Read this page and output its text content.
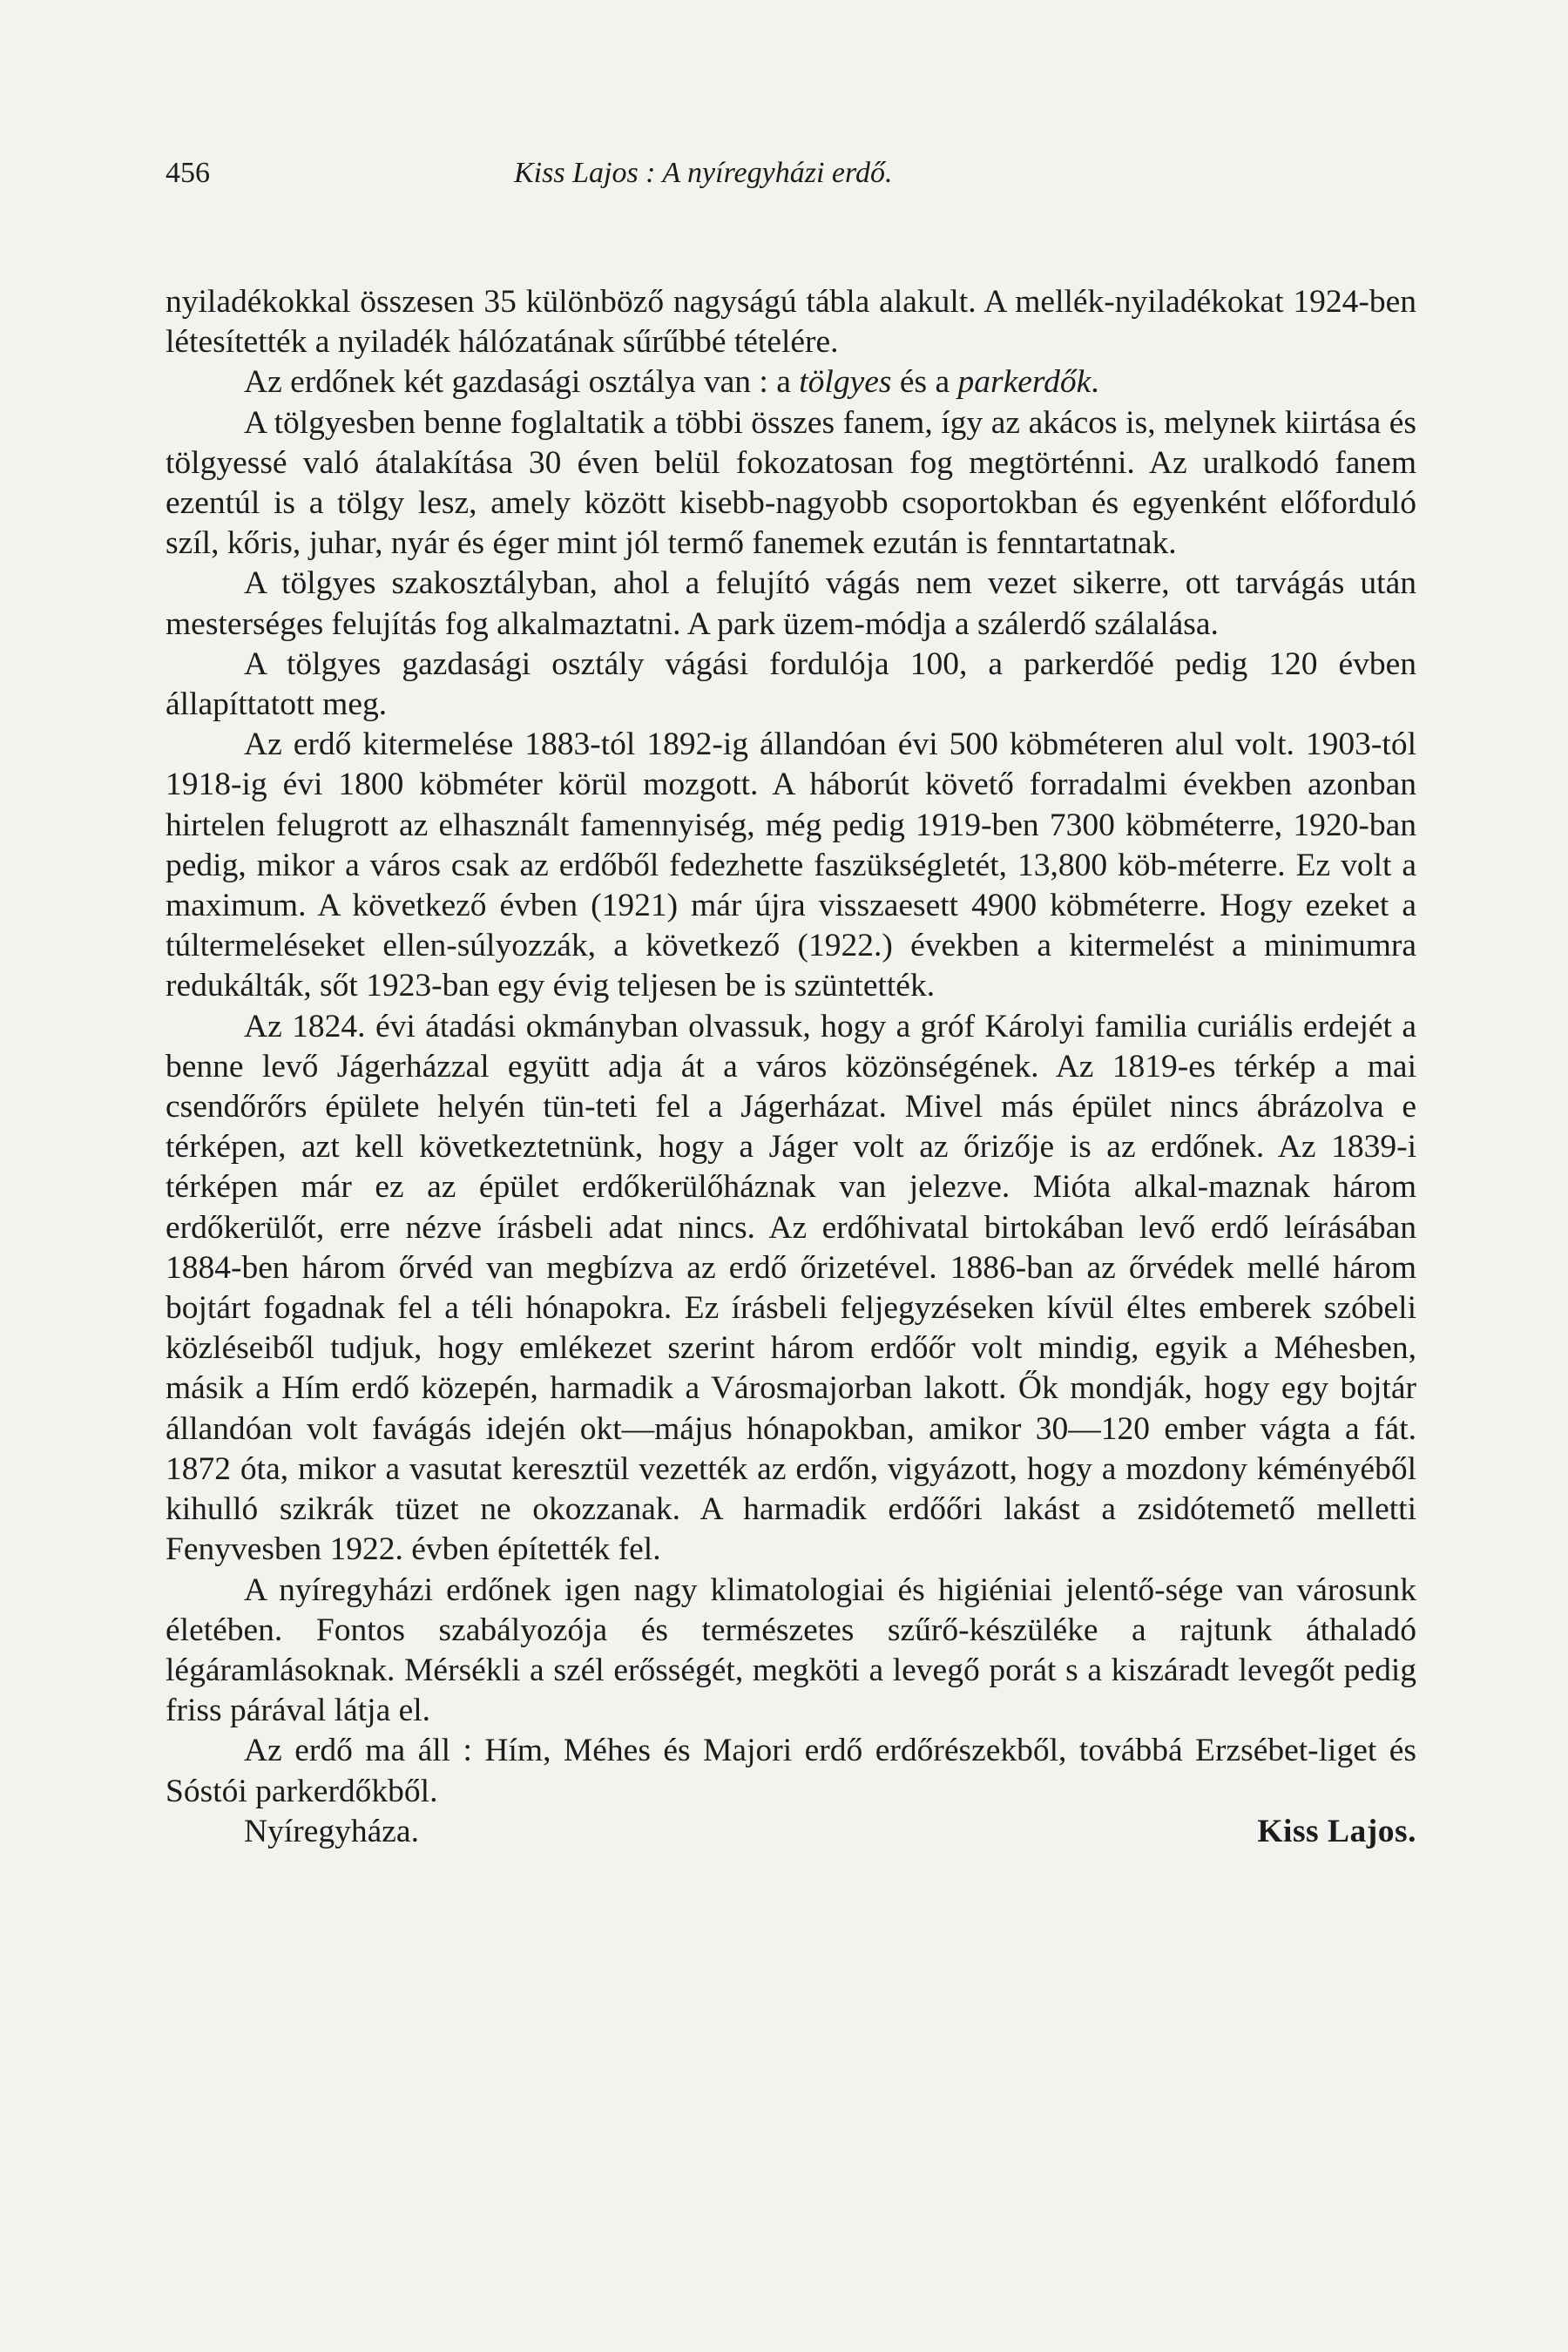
456	Kiss Lajos : A nyíregyházi erdő.

nyiladékokkal összesen 35 különböző nagyságú tábla alakult. A mellék-nyiladékokat 1924-ben létesítették a nyiladék hálózatának sűrűbbé tételére.

Az erdőnek két gazdasági osztálya van : a tölgyes és a parkerdők.

A tölgyesben benne foglaltatik a többi összes fanem, így az akácos is, melynek kiirtása és tölgyessé való átalakítása 30 éven belül fokozatosan fog megtörténni. Az uralkodó fanem ezentúl is a tölgy lesz, amely között kisebb-nagyobb csoportokban és egyenként előforduló szíl, kőris, juhar, nyár és éger mint jól termő fanemek ezután is fenntartatnak.

A tölgyes szakosztályban, ahol a felujító vágás nem vezet sikerre, ott tarvágás után mesterséges felujítás fog alkalmaztatni. A park üzem-módja a szálerdő szálalása.

A tölgyes gazdasági osztály vágási fordulója 100, a parkerdőé pedig 120 évben állapíttatott meg.

Az erdő kitermelése 1883-tól 1892-ig állandóan évi 500 köbméteren alul volt. 1903-tól 1918-ig évi 1800 köbméter körül mozgott. A háborút követő forradalmi években azonban hirtelen felugrott az elhasznált famennyiség, még pedig 1919-ben 7300 köbméterre, 1920-ban pedig, mikor a város csak az erdőből fedezhette faszükségletét, 13,800 köb-méterre. Ez volt a maximum. A következő évben (1921) már újra visszaesett 4900 köbméterre. Hogy ezeket a túltermeléseket ellen-súlyozzák, a következő (1922.) években a kitermelést a minimumra redukálták, sőt 1923-ban egy évig teljesen be is szüntették.

Az 1824. évi átadási okmányban olvassuk, hogy a gróf Károlyi familia curiális erdejét a benne levő Jágerházzal együtt adja át a város közönségének. Az 1819-es térkép a mai csendőrőrs épülete helyén tün-teti fel a Jágerházat. Mivel más épület nincs ábrázolva e térképen, azt kell következtetnünk, hogy a Jáger volt az őrizője is az erdőnek. Az 1839-i térképen már ez az épület erdőkerülőháznak van jelezve. Mióta alkal-maznak három erdőkerülőt, erre nézve írásbeli adat nincs. Az erdőhivatal birtokában levő erdő leírásában 1884-ben három őrvéd van megbízva az erdő őrizetével. 1886-ban az őrvédek mellé három bojtárt fogadnak fel a téli hónapokra. Ez írásbeli feljegyzéseken kívül éltes emberek szóbeli közléseiből tudjuk, hogy emlékezet szerint három erdőőr volt mindig, egyik a Méhesben, másik a Hím erdő közepén, harmadik a Városmajorban lakott. Ők mondják, hogy egy bojtár állandóan volt favágás idején okt—május hónapokban, amikor 30—120 ember vágta a fát. 1872 óta, mikor a vasutat keresztül vezették az erdőn, vigyázott, hogy a mozdony kéményéből kihulló szikrák tüzet ne okozzanak. A harmadik erdőőri lakást a zsidótemető melletti Fenyvesben 1922. évben építették fel.

A nyíregyházi erdőnek igen nagy klimatologiai és higiéniai jelentő-sége van városunk életében. Fontos szabályozója és természetes szűrő-készüléke a rajtunk áthaladó légáramlásoknak. Mérsékli a szél erősségét, megköti a levegő porát s a kiszáradt levegőt pedig friss párával látja el.

Az erdő ma áll : Hím, Méhes és Majori erdő erdőrészekből, továbbá Erzsébet-liget és Sóstói parkerdőkből.

Nyíregyháza.	Kiss Lajos.
